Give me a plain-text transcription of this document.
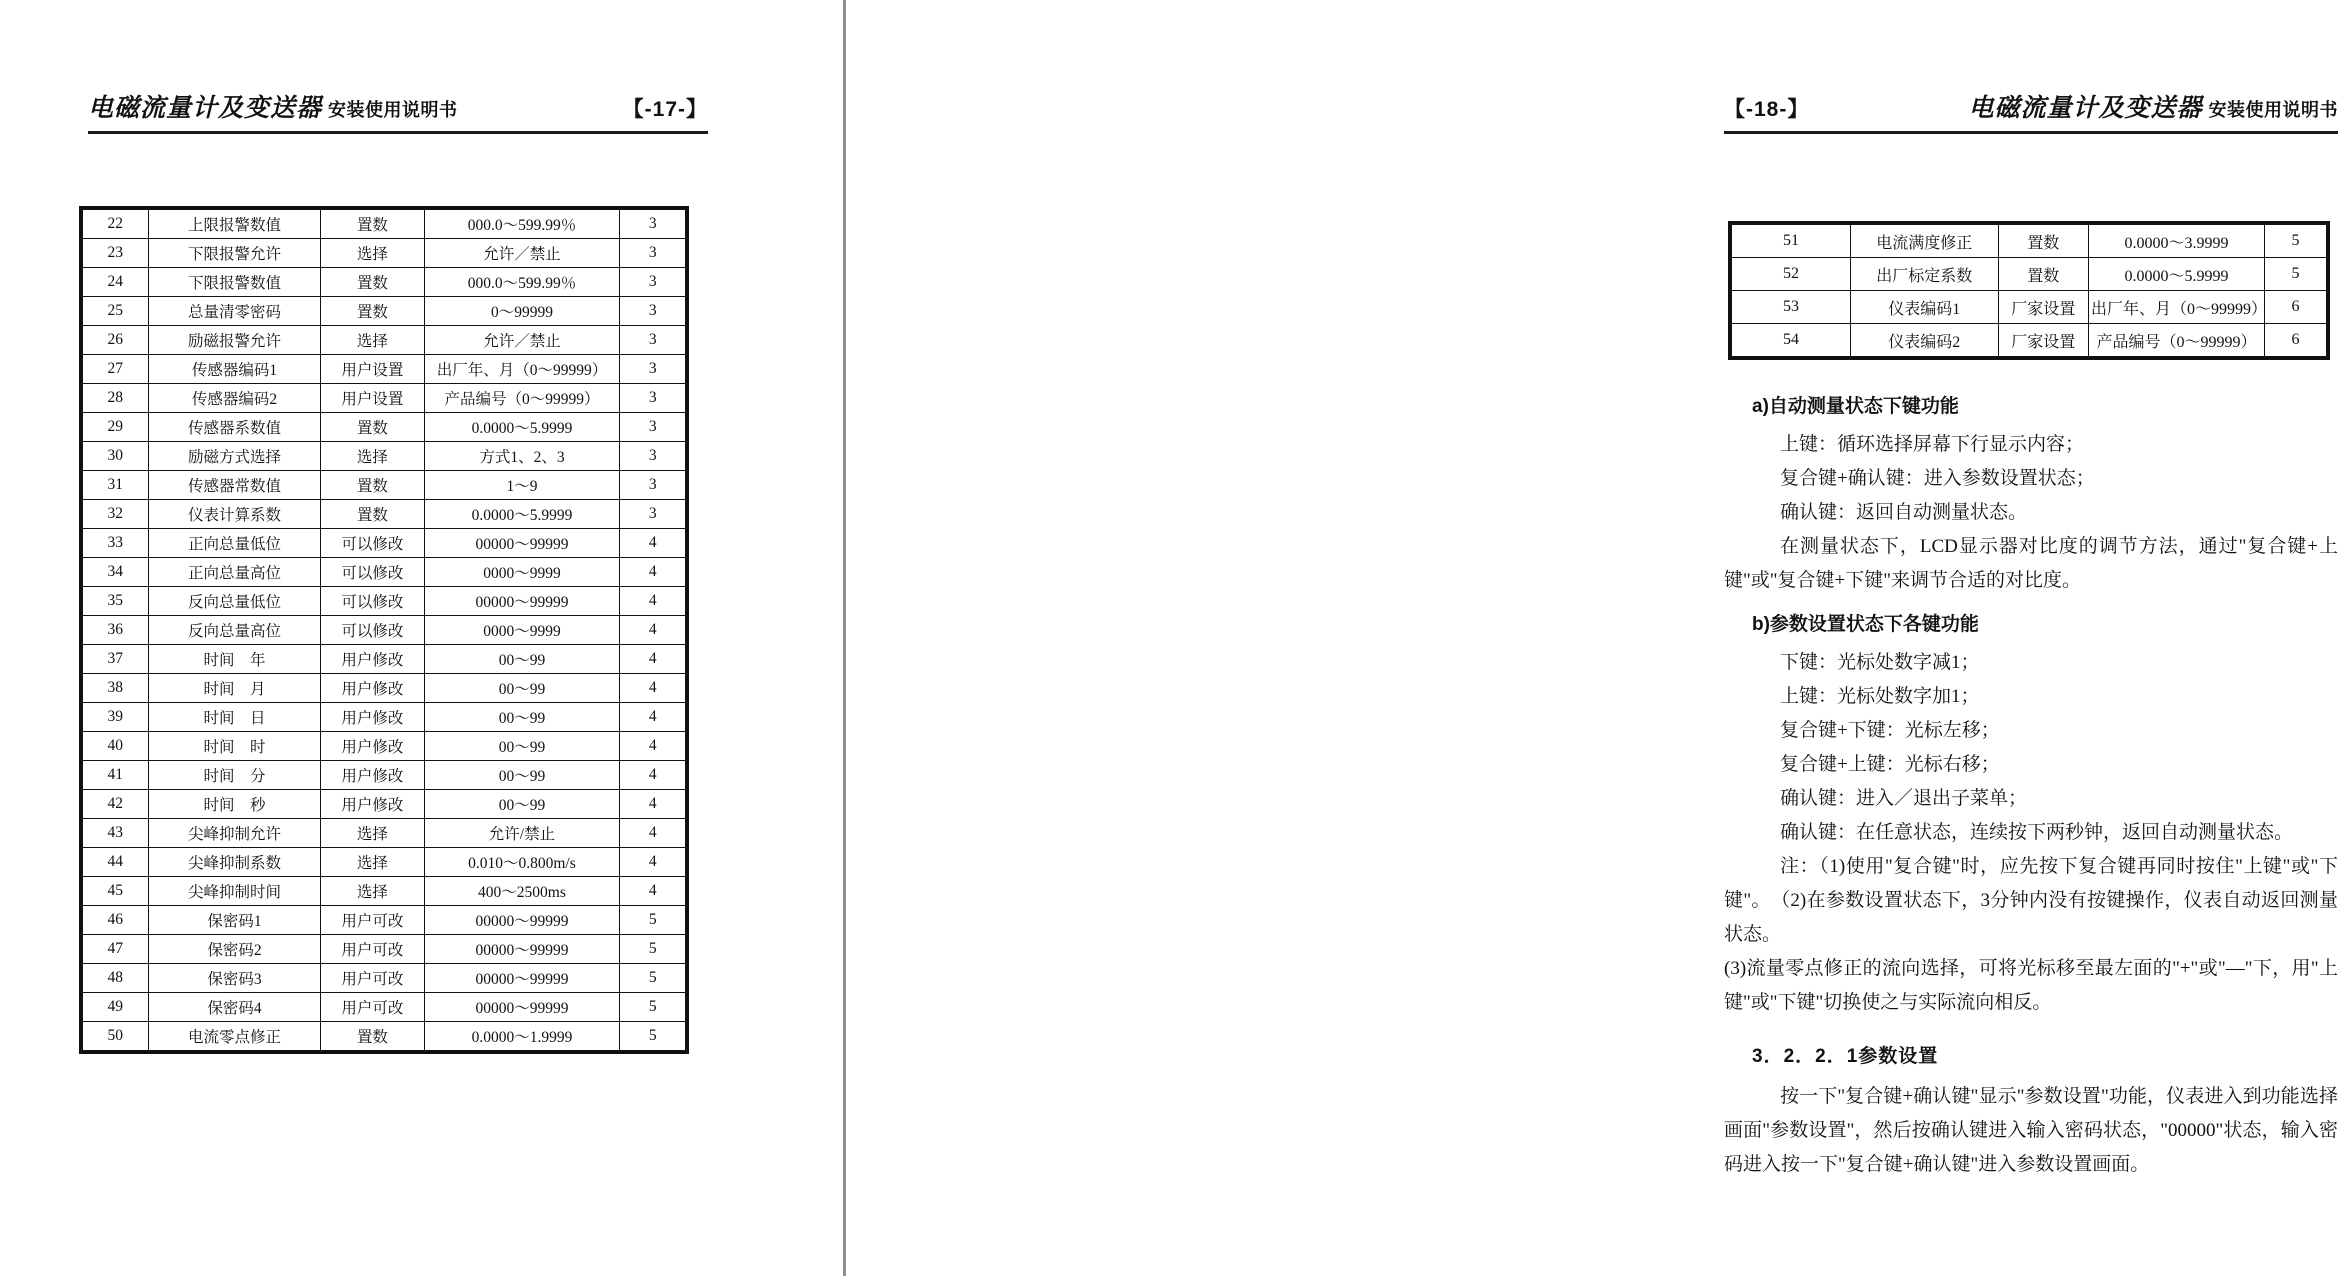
电磁流量计及变送器 安装使用说明书	【-17-】
22	上限报警数值	置数	000.0～599.99％	3
23	下限报警允许	选择	允许／禁止	3
24	下限报警数值	置数	000.0～599.99％	3
25	总量清零密码	置数	0～99999	3
26	励磁报警允许	选择	允许／禁止	3
27	传感器编码1	用户设置	出厂年、月（0～99999）	3
28	传感器编码2	用户设置	产品编号（0～99999）	3
29	传感器系数值	置数	0.0000～5.9999	3
30	励磁方式选择	选择	方式1、2、3	3
31	传感器常数值	置数	1～9	3
32	仪表计算系数	置数	0.0000～5.9999	3
33	正向总量低位	可以修改	00000～99999	4
34	正向总量高位	可以修改	0000～9999	4
35	反向总量低位	可以修改	00000～99999	4
36	反向总量高位	可以修改	0000～9999	4
37	时间　年	用户修改	00～99	4
38	时间　月	用户修改	00～99	4
39	时间　日	用户修改	00～99	4
40	时间　时	用户修改	00～99	4
41	时间　分	用户修改	00～99	4
42	时间　秒	用户修改	00～99	4
43	尖峰抑制允许	选择	允许/禁止	4
44	尖峰抑制系数	选择	0.010～0.800m/s	4
45	尖峰抑制时间	选择	400～2500ms	4
46	保密码1	用户可改	00000～99999	5
47	保密码2	用户可改	00000～99999	5
48	保密码3	用户可改	00000～99999	5
49	保密码4	用户可改	00000～99999	5
50	电流零点修正	置数	0.0000～1.9999	5
【-18-】	电磁流量计及变送器 安装使用说明书
51	电流满度修正	置数	0.0000～3.9999	5
52	出厂标定系数	置数	0.0000～5.9999	5
53	仪表编码1	厂家设置	出厂年、月（0～99999）	6
54	仪表编码2	厂家设置	产品编号（0～99999）	6
a)自动测量状态下键功能

上键：循环选择屏幕下行显示内容；

复合键+确认键：进入参数设置状态；

确认键：返回自动测量状态。

在测量状态下，LCD显示器对比度的调节方法，通过"复合键+上键"或"复合键+下键"来调节合适的对比度。

b)参数设置状态下各键功能

下键：光标处数字减1；

上键：光标处数字加1；

复合键+下键：光标左移；

复合键+上键：光标右移；

确认键：进入／退出子菜单；

确认键：在任意状态，连续按下两秒钟，返回自动测量状态。

注：（1)使用"复合键"时，应先按下复合键再同时按住"上键"或"下键"。　（2)在参数设置状态下，3分钟内没有按键操作，仪表自动返回测量状态。

(3)流量零点修正的流向选择，可将光标移至最左面的"+"或"—"下，用"上键"或"下键"切换使之与实际流向相反。

3．2．2．1参数设置

按一下"复合键+确认键"显示"参数设置"功能，仪表进入到功能选择画面"参数设置"，然后按确认键进入输入密码状态，"00000"状态，输入密码进入按一下"复合键+确认键"进入参数设置画面。
